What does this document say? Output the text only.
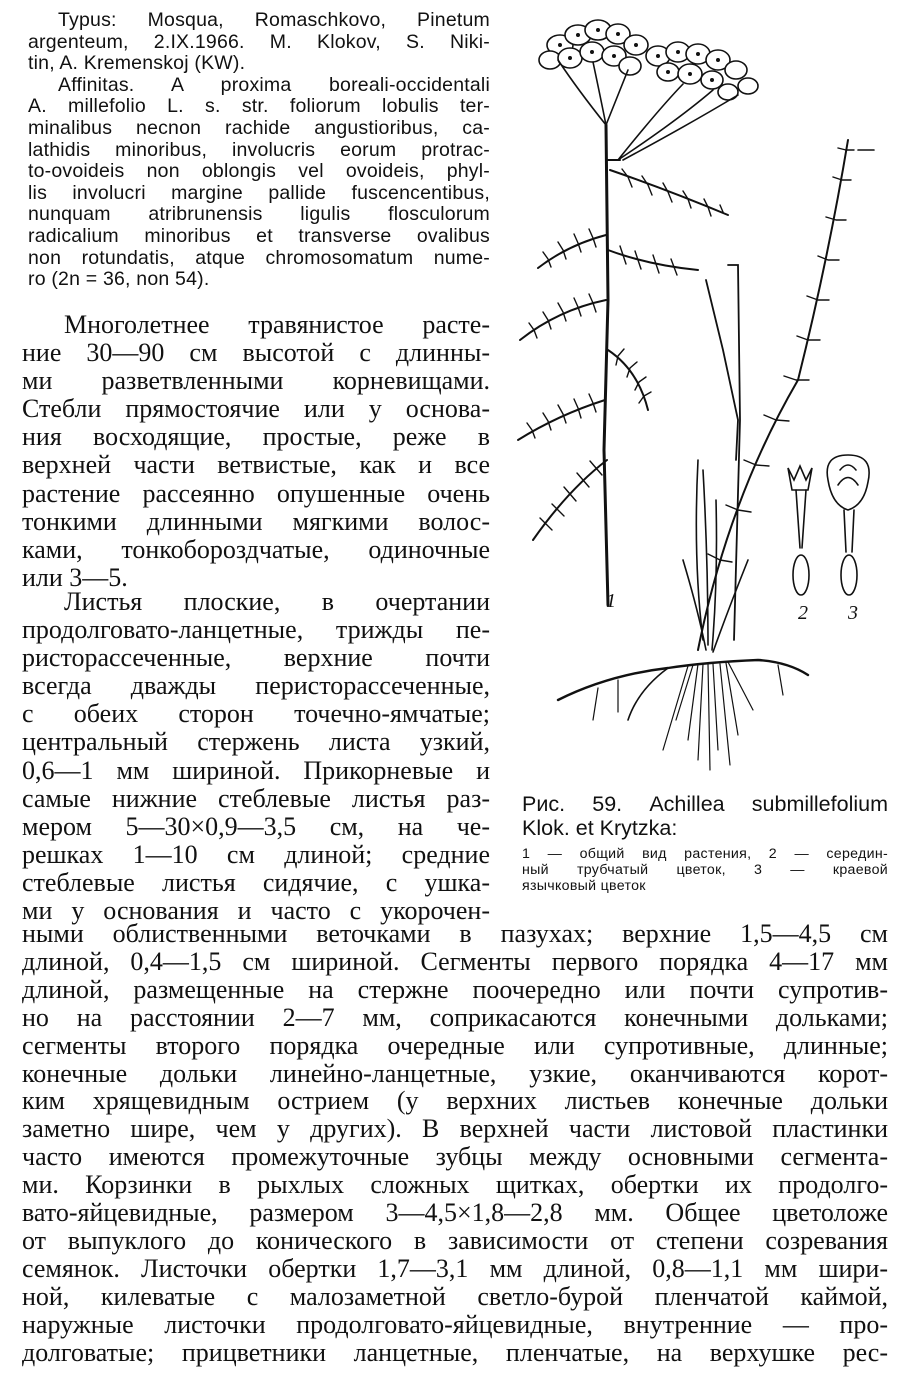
Typus: Mosqua, Romaschkovo, Pinetum
argenteum, 2.IX.1966. M. Klokov, S. Niki-
tin, A. Kremenskoj (KW).
Affinitas. A proxima boreali-occidentali
A. millefolio L. s. str. foliorum lobulis ter-
minalibus necnon rachide angustioribus, ca-
lathidis minoribus, involucris eorum protrac-
to-ovoideis non oblongis vel ovoideis, phyl-
lis involucri margine pallide fuscencentibus,
nunquam atribrunensis ligulis flosculorum
radicalium minoribus et transverse ovalibus
non rotundatis, atque chromosomatum nume-
ro (2n = 36, non 54).
Многолетнее травянистое расте-
ние 30—90 см высотой с длинны-
ми разветвленными корневищами.
Стебли прямостоячие или у основа-
ния восходящие, простые, реже в
верхней части ветвистые, как и все
растение рассеянно опушенные очень
тонкими длинными мягкими волос-
ками, тонкобороздчатые, одиночные
или 3—5.
Листья плоские, в очертании
продолговато-ланцетные, трижды пе-
ристорассеченные, верхние почти
всегда дважды перисторассеченные,
с обеих сторон точечно-ямчатые;
центральный стержень листа узкий,
0,6—1 мм шириной. Прикорневые и
самые нижние стеблевые листья раз-
мером 5—30×0,9—3,5 см, на че-
решках 1—10 см длиной; средние
стеблевые листья сидячие, с ушка-
ми у основания и часто с укорочен-
ными облиственными веточками в пазухах; верхние 1,5—4,5 см
длиной, 0,4—1,5 см шириной. Сегменты первого порядка 4—17 мм
длиной, размещенные на стержне поочередно или почти супротив-
но на расстоянии 2—7 мм, соприкасаются конечными дольками;
сегменты второго порядка очередные или супротивные, длинные;
конечные дольки линейно-ланцетные, узкие, оканчиваются корот-
ким хрящевидным острием (у верхних листьев конечные дольки
заметно шире, чем у других). В верхней части листовой пластинки
часто имеются промежуточные зубцы между основными сегмента-
ми. Корзинки в рыхлых сложных щитках, обертки их продолго-
вато-яйцевидные, размером 3—4,5×1,8—2,8 мм. Общее цветоложе
от выпуклого до конического в зависимости от степени созревания
семянок. Листочки обертки 1,7—3,1 мм длиной, 0,8—1,1 мм шири-
ной, килеватые с малозаметной светло-бурой пленчатой каймой,
наружные листочки продолговато-яйцевидные, внутренние — про-
долговатые; прицветники ланцетные, пленчатые, на верхушке рес-
1
2 3
Рис. 59. Achillea submillefolium
Klok. et Krytzka:
1 — общий вид растения, 2 — середин-
ный трубчатый цветок, 3 — краевой
язычковый цветок
